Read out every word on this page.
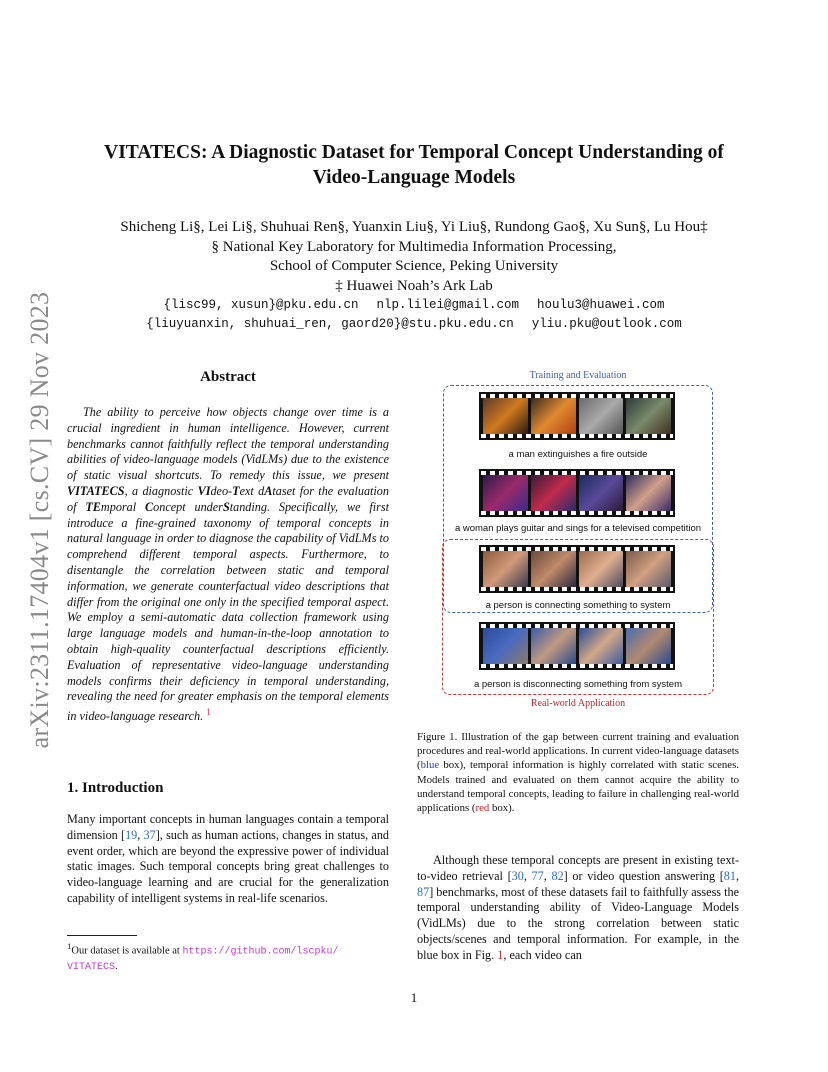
arXiv:2311.17404v1 [cs.CV] 29 Nov 2023
VITATECS: A Diagnostic Dataset for Temporal Concept Understanding of
Video-Language Models
Shicheng Li§, Lei Li§, Shuhuai Ren§, Yuanxin Liu§, Yi Liu§, Rundong Gao§, Xu Sun§, Lu Hou‡
§ National Key Laboratory for Multimedia Information Processing,
School of Computer Science, Peking University
‡ Huawei Noah’s Ark Lab
{lisc99, xusun}@pku.edu.cn nlp.lilei@gmail.com houlu3@huawei.com
{liuyuanxin, shuhuai_ren, gaord20}@stu.pku.edu.cn yliu.pku@outlook.com
Abstract
The ability to perceive how objects change over time is a crucial ingredient in human intelligence. However, current benchmarks cannot faithfully reflect the temporal understanding abilities of video-language models (VidLMs) due to the existence of static visual shortcuts. To remedy this issue, we present VITATECS, a diagnostic VIdeo-Text dAtaset for the evaluation of TEmporal Concept underStanding. Specifically, we first introduce a fine-grained taxonomy of temporal concepts in natural language in order to diagnose the capability of VidLMs to comprehend different temporal aspects. Furthermore, to disentangle the correlation between static and temporal information, we generate counterfactual video descriptions that differ from the original one only in the specified temporal aspect. We employ a semi-automatic data collection framework using large language models and human-in-the-loop annotation to obtain high-quality counterfactual descriptions efficiently. Evaluation of representative video-language understanding models confirms their deficiency in temporal understanding, revealing the need for greater emphasis on the temporal elements in video-language research. $^1$
1. Introduction
Many important concepts in human languages contain a temporal dimension [19, 37], such as human actions, changes in status, and event order, which are beyond the expressive power of individual static images. Such temporal concepts bring great challenges to video-language learning and are crucial for the generalization capability of intelligent systems in real-life scenarios.
$^1$Our dataset is available at https://github.com/lscpku/
VITATECS.
Training and Evaluation
a man extinguishes a fire outside
a woman plays guitar and sings for a televised competition
a person is connecting something to system
a person is disconnecting something from system
Real-world Application
Figure 1. Illustration of the gap between current training and evaluation procedures and real-world applications. In current video-language datasets (blue box), temporal information is highly correlated with static scenes. Models trained and evaluated on them cannot acquire the ability to understand temporal concepts, leading to failure in challenging real-world applications (red box).
Although these temporal concepts are present in existing text-to-video retrieval [30, 77, 82] or video question answering [81, 87] benchmarks, most of these datasets fail to faithfully assess the temporal understanding ability of Video-Language Models (VidLMs) due to the strong correlation between static objects/scenes and temporal information. For example, in the blue box in Fig. 1, each video can
1
